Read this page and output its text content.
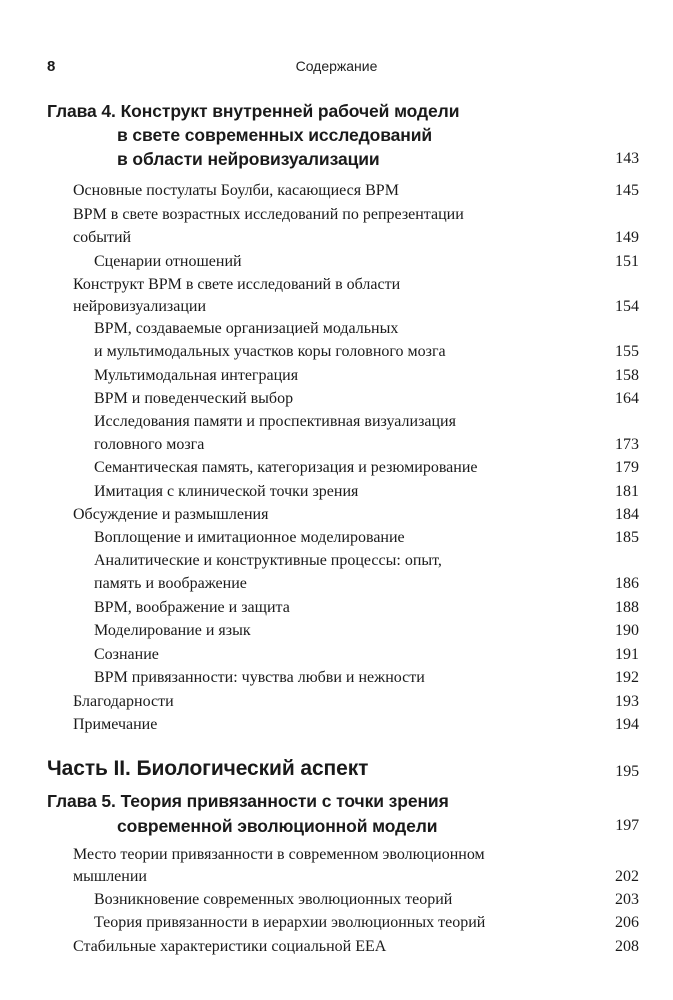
8	Содержание
Глава 4. Конструкт внутренней рабочей модели
в свете современных исследований
в области нейровизуализации	143
Основные постулаты Боулби, касающиеся ВРМ	145
ВРМ в свете возрастных исследований по репрезентации
событий	149
Сценарии отношений	151
Конструкт ВРМ в свете исследований в области
нейровизуализации	154
ВРМ, создаваемые организацией модальных
и мультимодальных участков коры головного мозга	155
Мультимодальная интеграция	158
ВРМ и поведенческий выбор	164
Исследования памяти и проспективная визуализация
головного мозга	173
Семантическая память, категоризация и резюмирование	179
Имитация с клинической точки зрения	181
Обсуждение и размышления	184
Воплощение и имитационное моделирование	185
Аналитические и конструктивные процессы: опыт,
память и воображение	186
ВРМ, воображение и защита	188
Моделирование и язык	190
Сознание	191
ВРМ привязанности: чувства любви и нежности	192
Благодарности	193
Примечание	194
Часть II. Биологический аспект	195
Глава 5. Теория привязанности с точки зрения
современной эволюционной модели	197
Место теории привязанности в современном эволюционном
мышлении	202
Возникновение современных эволюционных теорий	203
Теория привязанности в иерархии эволюционных теорий	206
Стабильные характеристики социальной EEA	208
